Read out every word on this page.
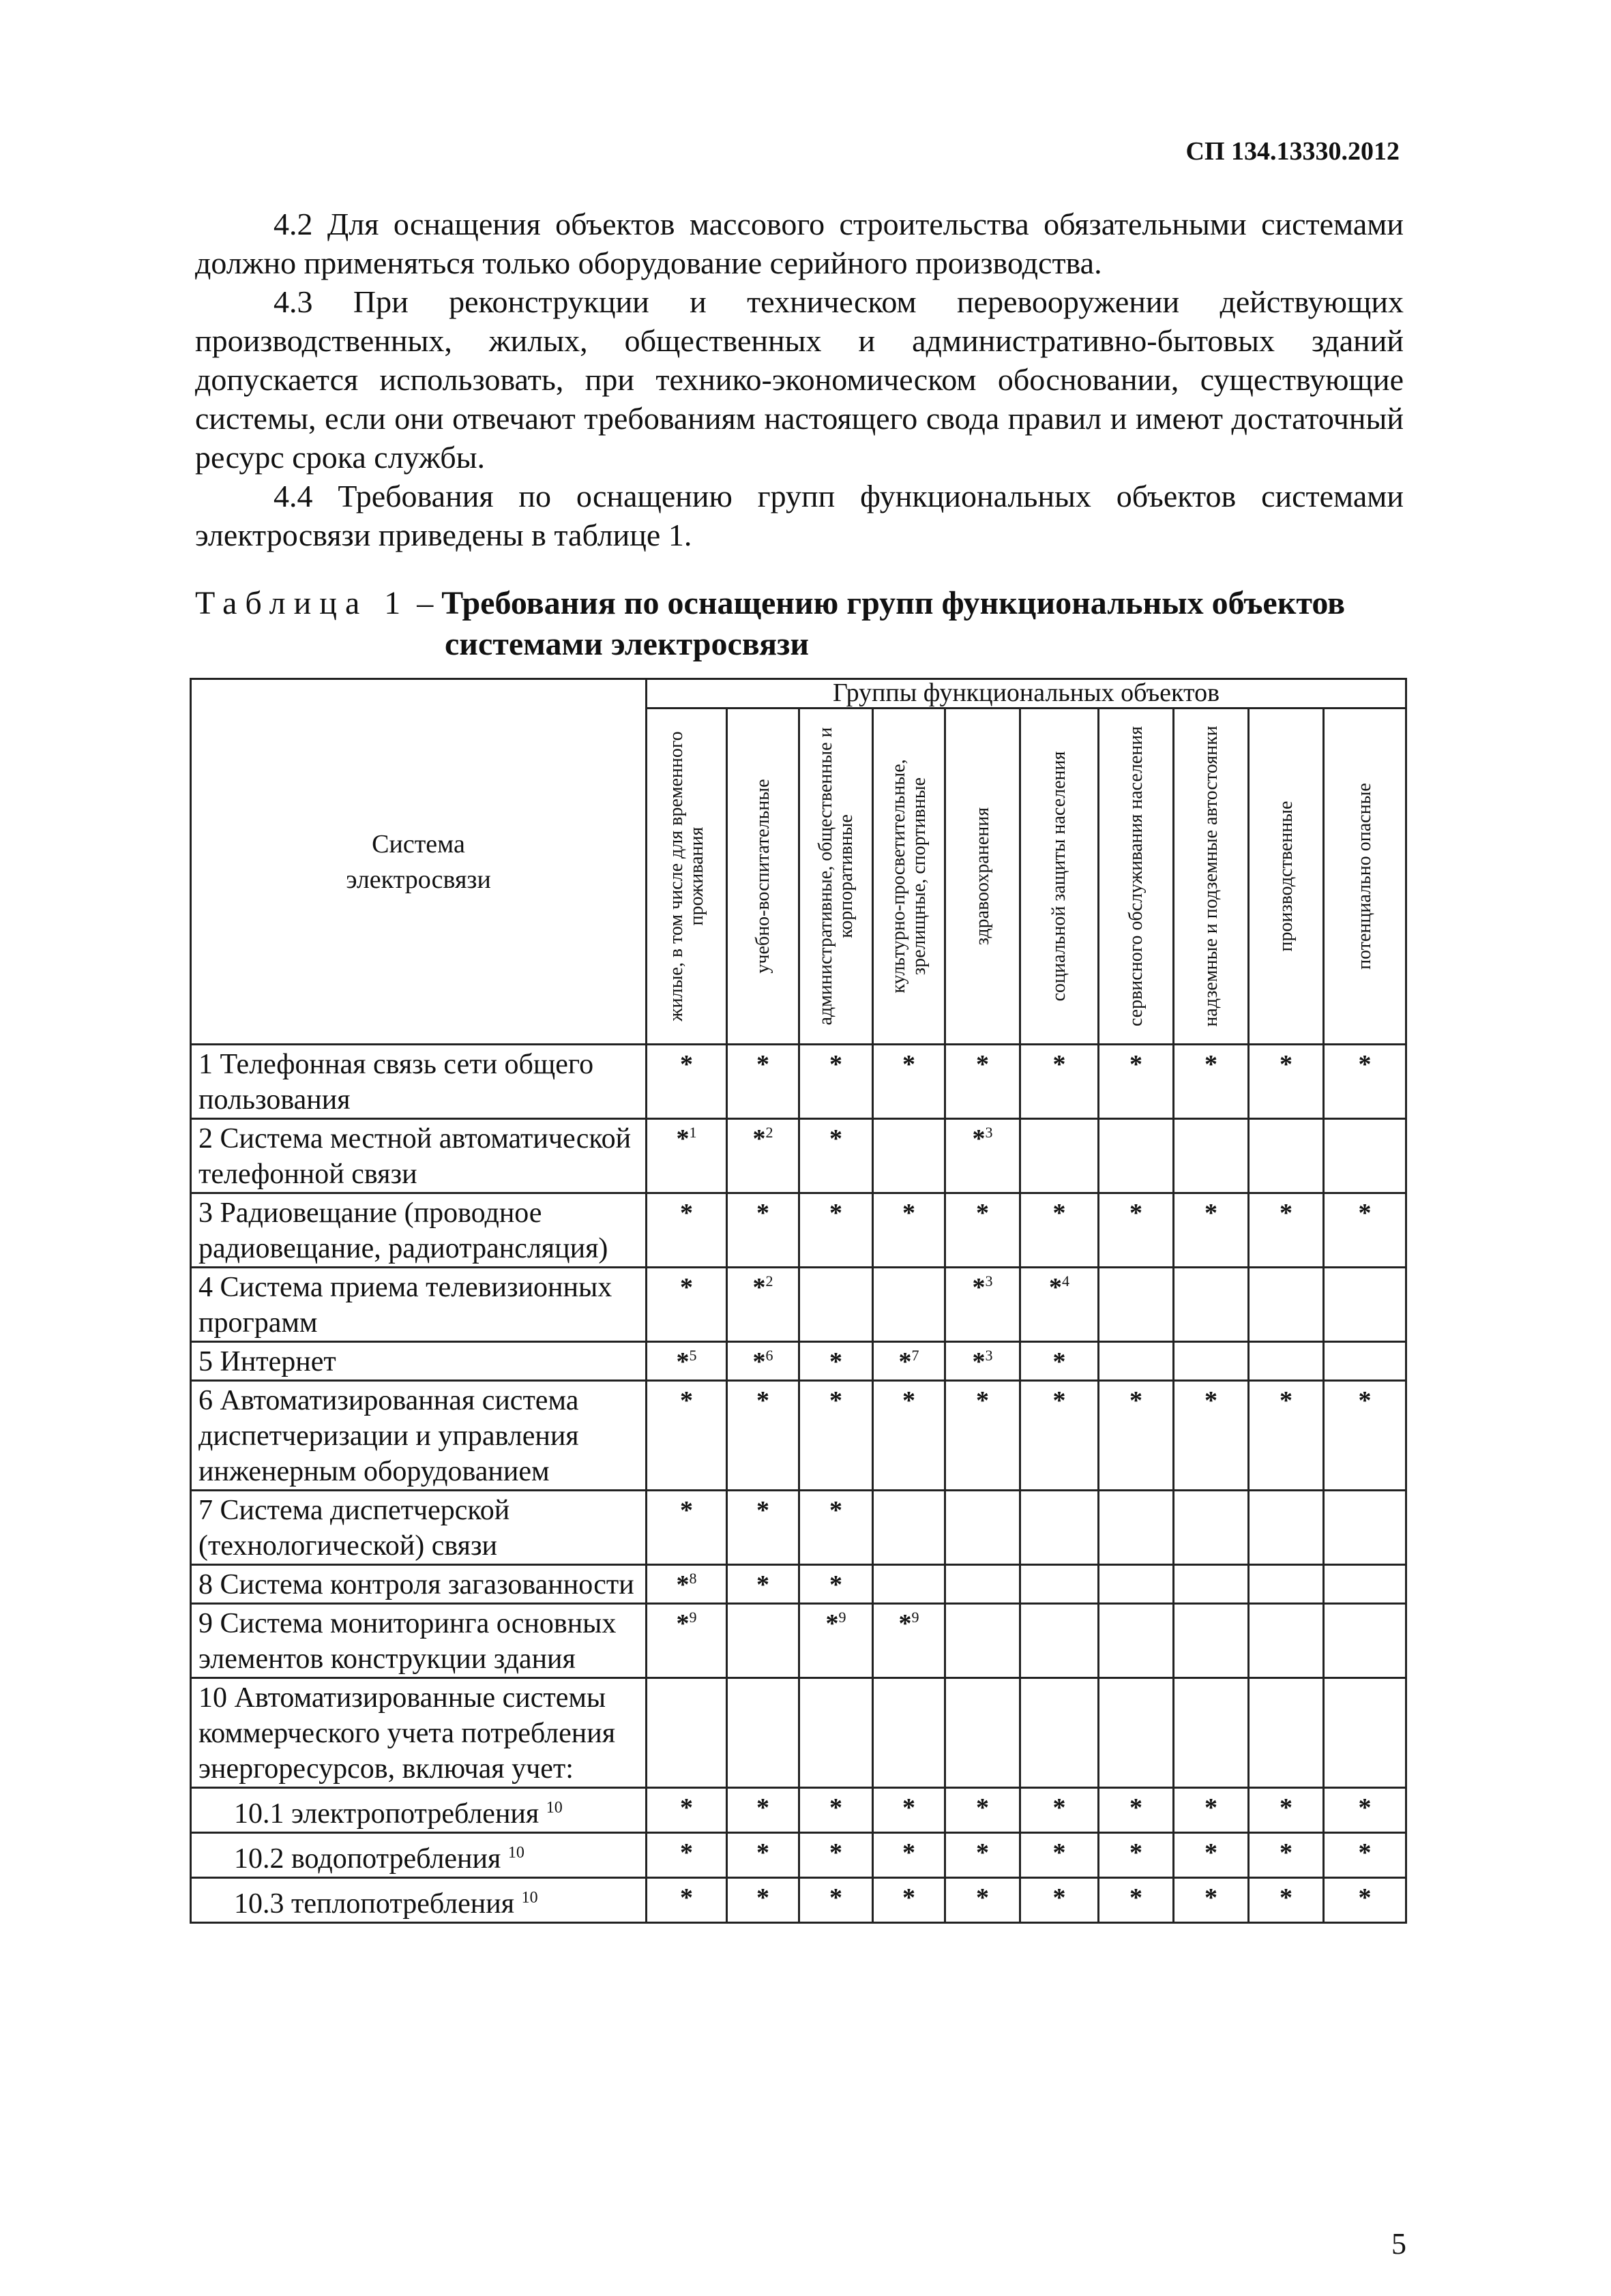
СП 134.13330.2012

4.2 Для оснащения объектов массового строительства обязательными системами должно применяться только оборудование серийного производства.

4.3 При реконструкции и техническом перевооружении действующих производственных, жилых, общественных и административно-бытовых зданий допускается использовать, при технико-экономическом обосновании, существующие системы, если они отвечают требованиям настоящего свода правил и имеют достаточный ресурс срока службы.

4.4 Требования по оснащению групп функциональных объектов системами электросвязи приведены в таблице 1.

Таблица 1 – Требования по оснащению групп функциональных объектов
системами электросвязи
Система электросвязи	Группы функциональных объектов									

	жилые, в том числе для временного проживания	учебно-воспитательные	административные, общественные и корпоративные	культурно-просветительные, зрелищные, спортивные	здравоохранения	социальной защиты населения	сервисного обслуживания населения	надземные и подземные автостоянки	производственные	потенциально опасные

1 Телефонная связь сети общего пользования	*	*	*	*	*	*	*	*	*	*
2 Система местной автоматической телефонной связи	*$^1$	*$^2$	*		*$^3$					
3 Радиовещание (проводное радиовещание, радиотрансляция)	*	*	*	*	*	*	*	*	*	*
4 Система приема телевизионных программ	*	*$^2$			*$^3$	*$^4$				
5 Интернет	*$^5$	*$^6$	*	*$^7$	*$^3$	*				
6 Автоматизированная система диспетчеризации и управления инженерным оборудованием	*	*	*	*	*	*	*	*	*	*
7 Система диспетчерской (технологической) связи	*	*	*							
8 Система контроля загазованности	*$^8$	*	*							
9 Система мониторинга основных элементов конструкции здания	*$^9$		*$^9$	*$^9$						
10 Автоматизированные системы коммерческого учета потребления энергоресурсов, включая учет:										
10.1 электропотребления $^{10}$	*	*	*	*	*	*	*	*	*	*
10.2 водопотребления $^{10}$	*	*	*	*	*	*	*	*	*	*
10.3 теплопотребления $^{10}$	*	*	*	*	*	*	*	*	*	*
5
